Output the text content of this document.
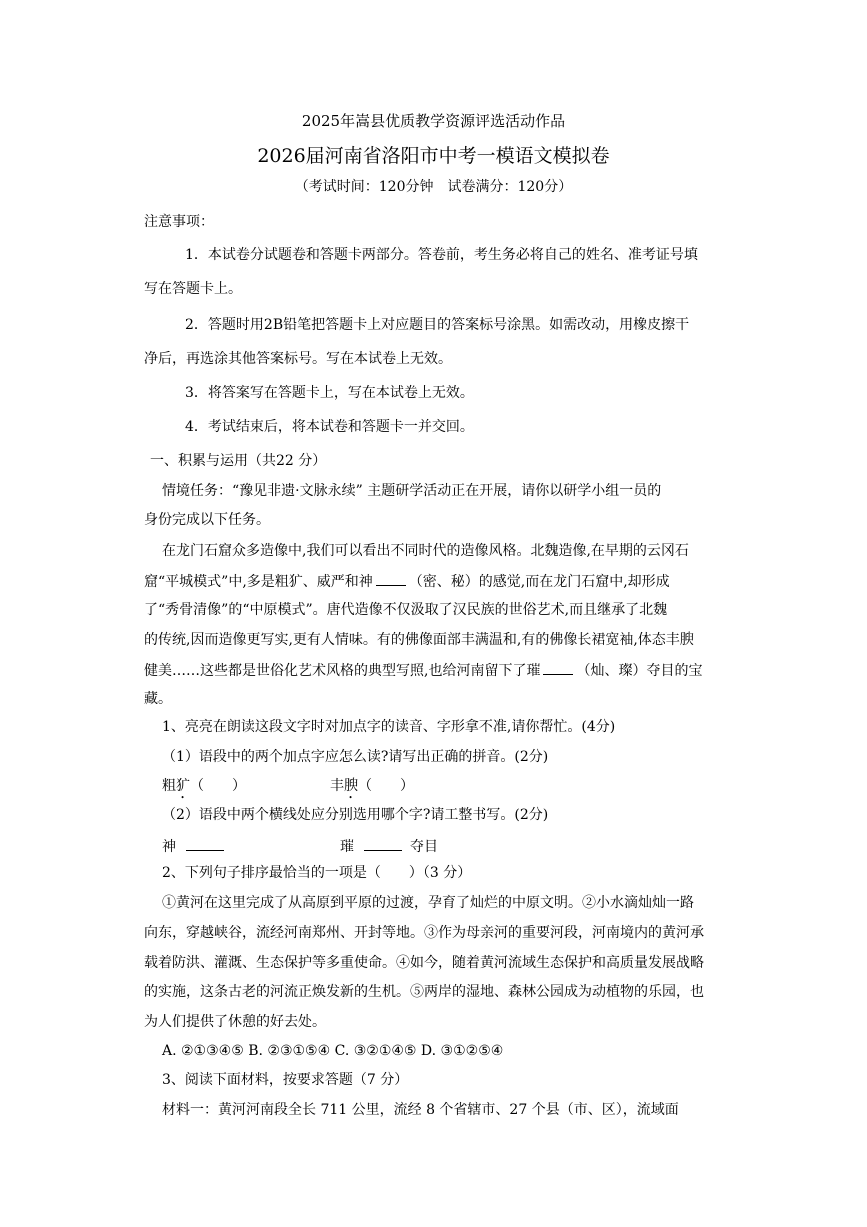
2025年嵩县优质教学资源评选活动作品
2026届河南省洛阳市中考一模语文模拟卷
（考试时间：120分钟　试卷满分：120分）
注意事项：
1．本试卷分试题卷和答题卡两部分。答卷前，考生务必将自己的姓名、准考证号填
写在答题卡上。
2．答题时用2B铅笔把答题卡上对应题目的答案标号涂黑。如需改动，用橡皮擦干
净后，再选涂其他答案标号。写在本试卷上无效。
3．将答案写在答题卡上，写在本试卷上无效。
4．考试结束后，将本试卷和答题卡一并交回。
一、积累与运用（共22 分）
情境任务：“豫见非遗·文脉永续” 主题研学活动正在开展，请你以研学小组一员的
身份完成以下任务。
在龙门石窟众多造像中,我们可以看出不同时代的造像风格。北魏造像,在早期的云冈石
窟“平城模式”中,多是粗犷、威严和神	（密、秘）的感觉,而在龙门石窟中,却形成
了“秀骨清像”的“中原模式”。唐代造像不仅汲取了汉民族的世俗艺术,而且继承了北魏
的传统,因而造像更写实,更有人情味。有的佛像面部丰满温和,有的佛像长裙宽袖,体态丰腴
健美……这些都是世俗化艺术风格的典型写照,也给河南留下了璀	（灿、璨）夺目的宝
藏。
1、亮亮在朗读这段文字时对加点字的读音、字形拿不准,请你帮忙。(4分)
（1）语段中的两个加点字应怎么读?请写出正确的拼音。(2分)
粗犷（　　）	丰腴（　　）
（2）语段中两个横线处应分别选用哪个字?请工整书写。(2分)
神	璀	夺目
2、下列句子排序最恰当的一项是（　　）（3 分）
①黄河在这里完成了从高原到平原的过渡，孕育了灿烂的中原文明。②小水滴灿灿一路
向东，穿越峡谷，流经河南郑州、开封等地。③作为母亲河的重要河段，河南境内的黄河承
载着防洪、灌溉、生态保护等多重使命。④如今，随着黄河流域生态保护和高质量发展战略
的实施，这条古老的河流正焕发新的生机。⑤两岸的湿地、森林公园成为动植物的乐园，也
为人们提供了休憩的好去处。
A. ②①③④⑤ B. ②③①⑤④ C. ③②①④⑤ D. ③①②⑤④
3、阅读下面材料，按要求答题（7 分）
材料一：黄河河南段全长 711 公里，流经 8 个省辖市、27 个县（市、区），流域面
